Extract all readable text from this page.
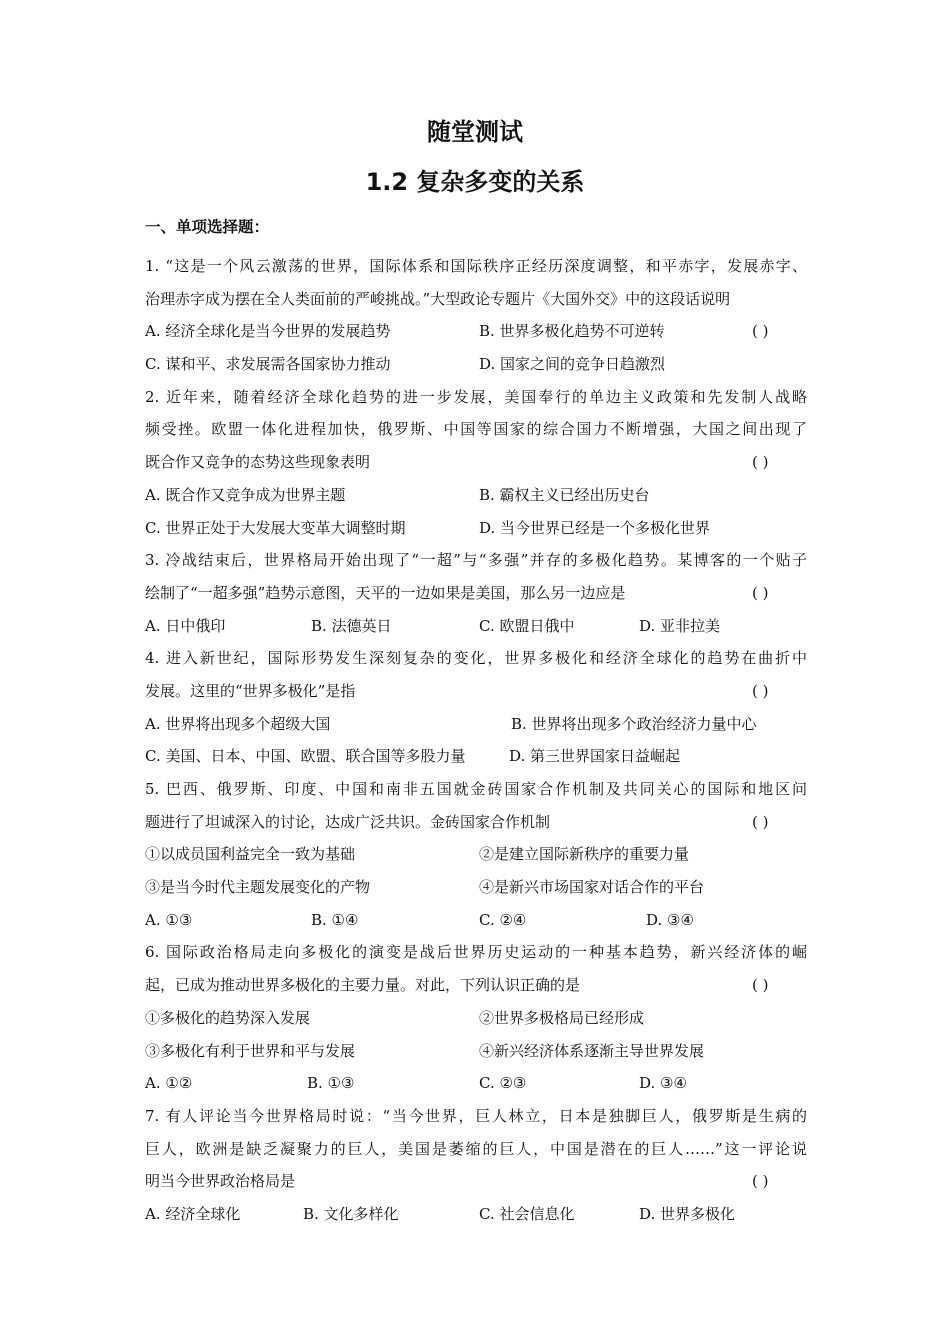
随堂测试
1.2 复杂多变的关系
一、单项选择题：
1. “这是一个风云激荡的世界，国际体系和国际秩序正经历深度调整，和平赤字，发展赤字、
治理赤字成为摆在全人类面前的严峻挑战。”大型政论专题片《大国外交》中的这段话说明
A. 经济全球化是当今世界的发展趋势	B. 世界多极化趋势不可逆转	( )
C. 谋和平、求发展需各国家协力推动	D. 国家之间的竞争日趋激烈
2. 近年来，随着经济全球化趋势的进一步发展，美国奉行的单边主义政策和先发制人战略
频受挫。欧盟一体化进程加快，俄罗斯、中国等国家的综合国力不断增强，大国之间出现了
既合作又竞争的态势这些现象表明	( )
A. 既合作又竞争成为世界主题	B. 霸权主义已经出历史台
C. 世界正处于大发展大变革大调整时期	D. 当今世界已经是一个多极化世界
3. 冷战结束后，世界格局开始出现了“一超”与“多强”并存的多极化趋势。某博客的一个贴子
绘制了“一超多强”趋势示意图，天平的一边如果是美国，那么另一边应是	( )
A. 日中俄印	B. 法德英日	C. 欧盟日俄中	D. 亚非拉美
4. 进入新世纪，国际形势发生深刻复杂的变化，世界多极化和经济全球化的趋势在曲折中
发展。这里的“世界多极化”是指	( )
A. 世界将出现多个超级大国	B. 世界将出现多个政治经济力量中心
C. 美国、日本、中国、欧盟、联合国等多股力量	D. 第三世界国家日益崛起
5. 巴西、俄罗斯、印度、中国和南非五国就金砖国家合作机制及共同关心的国际和地区问
题进行了坦诚深入的讨论，达成广泛共识。金砖国家合作机制	( )
①以成员国利益完全一致为基础	②是建立国际新秩序的重要力量
③是当今时代主题发展变化的产物	④是新兴市场国家对话合作的平台
A. ①③	B. ①④	C. ②④	D. ③④
6. 国际政治格局走向多极化的演变是战后世界历史运动的一种基本趋势，新兴经济体的崛
起，已成为推动世界多极化的主要力量。对此，下列认识正确的是	( )
①多极化的趋势深入发展	②世界多极格局已经形成
③多极化有利于世界和平与发展	④新兴经济体系逐渐主导世界发展
A. ①②	B. ①③	C. ②③	D. ③④
7. 有人评论当今世界格局时说：“当今世界，巨人林立，日本是独脚巨人，俄罗斯是生病的
巨人，欧洲是缺乏凝聚力的巨人，美国是萎缩的巨人，中国是潜在的巨人……”这一评论说
明当今世界政治格局是	( )
A. 经济全球化	B. 文化多样化	C. 社会信息化	D. 世界多极化
